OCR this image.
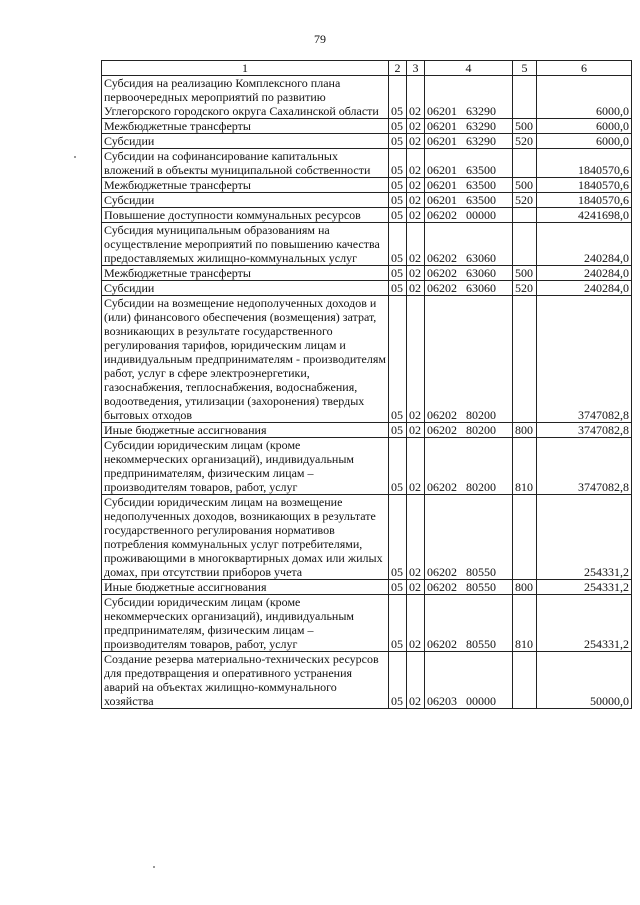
79
1	2	3	4	5	6
Субсидия на реализацию Комплексного плана первоочередных мероприятий по развитию Углегорского городского округа Сахалинской области	05	02	06201 63290		6000,0
Межбюджетные трансферты	05	02	06201 63290	500	6000,0
Субсидии	05	02	06201 63290	520	6000,0
Субсидии на софинансирование капитальных вложений в объекты муниципальной собственности	05	02	06201 63500		1840570,6
Межбюджетные трансферты	05	02	06201 63500	500	1840570,6
Субсидии	05	02	06201 63500	520	1840570,6
Повышение доступности коммунальных ресурсов	05	02	06202 00000		4241698,0
Субсидия муниципальным образованиям на осуществление мероприятий по повышению качества предоставляемых жилищно-коммунальных услуг	05	02	06202 63060		240284,0
Межбюджетные трансферты	05	02	06202 63060	500	240284,0
Субсидии	05	02	06202 63060	520	240284,0
Субсидии на возмещение недополученных доходов и (или) финансового обеспечения (возмещения) затрат, возникающих в результате государственного регулирования тарифов, юридическим лицам и индивидуальным предпринимателям - производителям работ, услуг в сфере электроэнергетики, газоснабжения, теплоснабжения, водоснабжения, водоотведения, утилизации (захоронения) твердых бытовых отходов	05	02	06202 80200		3747082,8
Иные бюджетные ассигнования	05	02	06202 80200	800	3747082,8
Субсидии юридическим лицам (кроме некоммерческих организаций), индивидуальным предпринимателям, физическим лицам – производителям товаров, работ, услуг	05	02	06202 80200	810	3747082,8
Субсидии юридическим лицам на возмещение недополученных доходов, возникающих в результате государственного регулирования нормативов потребления коммунальных услуг потребителями, проживающими в многоквартирных домах или жилых домах, при отсутствии приборов учета	05	02	06202 80550		254331,2
Иные бюджетные ассигнования	05	02	06202 80550	800	254331,2
Субсидии юридическим лицам (кроме некоммерческих организаций), индивидуальным предпринимателям, физическим лицам – производителям товаров, работ, услуг	05	02	06202 80550	810	254331,2
Создание резерва материально-технических ресурсов для предотвращения и оперативного устранения аварий на объектах жилищно-коммунального хозяйства	05	02	06203 00000		50000,0
